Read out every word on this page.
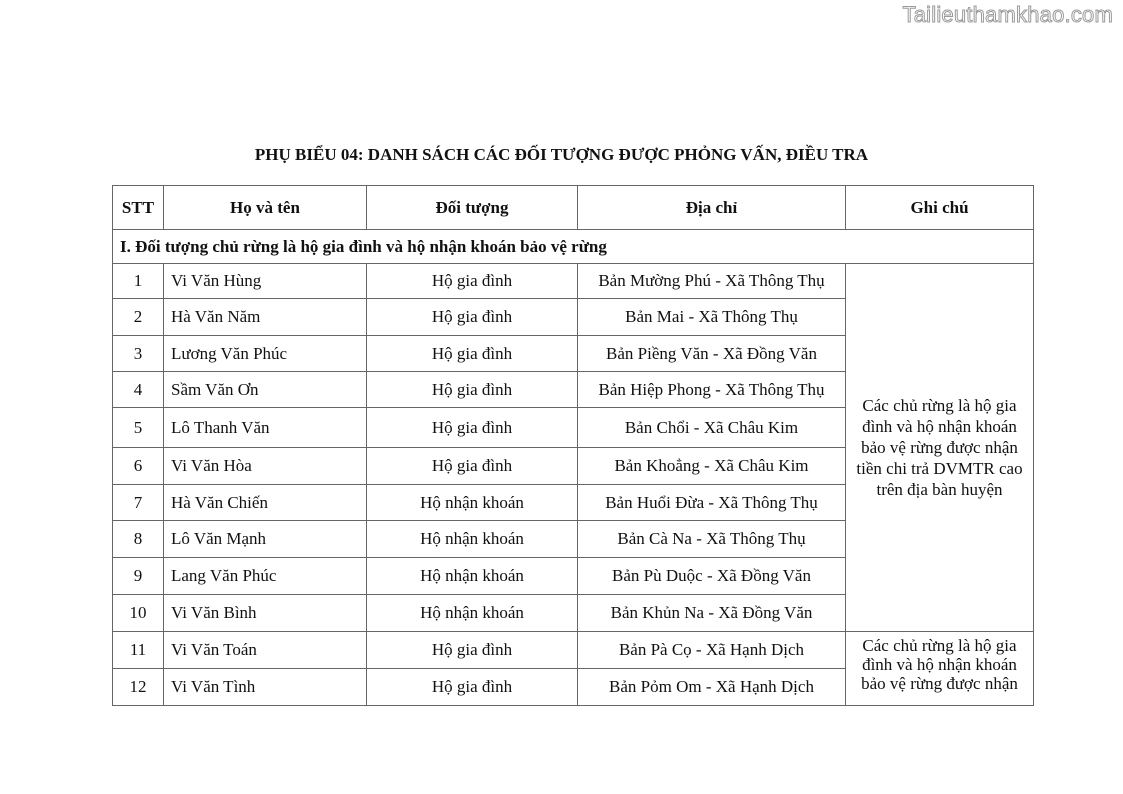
Tailieuthamkhao.com
PHỤ BIỂU 04: DANH SÁCH CÁC ĐỐI TƯỢNG ĐƯỢC PHỎNG VẤN, ĐIỀU TRA
STT	Họ và tên	Đối tượng	Địa chỉ	Ghi chú
I. Đối tượng chủ rừng là hộ gia đình và hộ nhận khoán bảo vệ rừng				
1	Vi Văn Hùng	Hộ gia đình	Bản Mường Phú - Xã Thông Thụ	Các chủ rừng là hộ gia đình và hộ nhận khoán bảo vệ rừng được nhận tiền chi trả DVMTR cao trên địa bàn huyện
2	Hà Văn Năm	Hộ gia đình	Bản Mai - Xã Thông Thụ	
3	Lương Văn Phúc	Hộ gia đình	Bản Piềng Văn - Xã Đồng Văn	
4	Sầm Văn Ơn	Hộ gia đình	Bản Hiệp Phong - Xã Thông Thụ	
5	Lô Thanh Văn	Hộ gia đình	Bản Chổi - Xã Châu Kim	
6	Vi Văn Hòa	Hộ gia đình	Bản Khoẳng - Xã Châu Kim	
7	Hà Văn Chiến	Hộ nhận khoán	Bản Huổi Đừa - Xã Thông Thụ	
8	Lô Văn Mạnh	Hộ nhận khoán	Bản Cà Na - Xã Thông Thụ	
9	Lang Văn Phúc	Hộ nhận khoán	Bản Pù Duộc - Xã Đồng Văn	
10	Vi Văn Bình	Hộ nhận khoán	Bản Khủn Na - Xã Đồng Văn	
11	Vi Văn Toán	Hộ gia đình	Bản Pà Cọ - Xã Hạnh Dịch	Các chủ rừng là hộ gia đình và hộ nhận khoán bảo vệ rừng được nhận
12	Vi Văn Tình	Hộ gia đình	Bản Pỏm Om - Xã Hạnh Dịch	
